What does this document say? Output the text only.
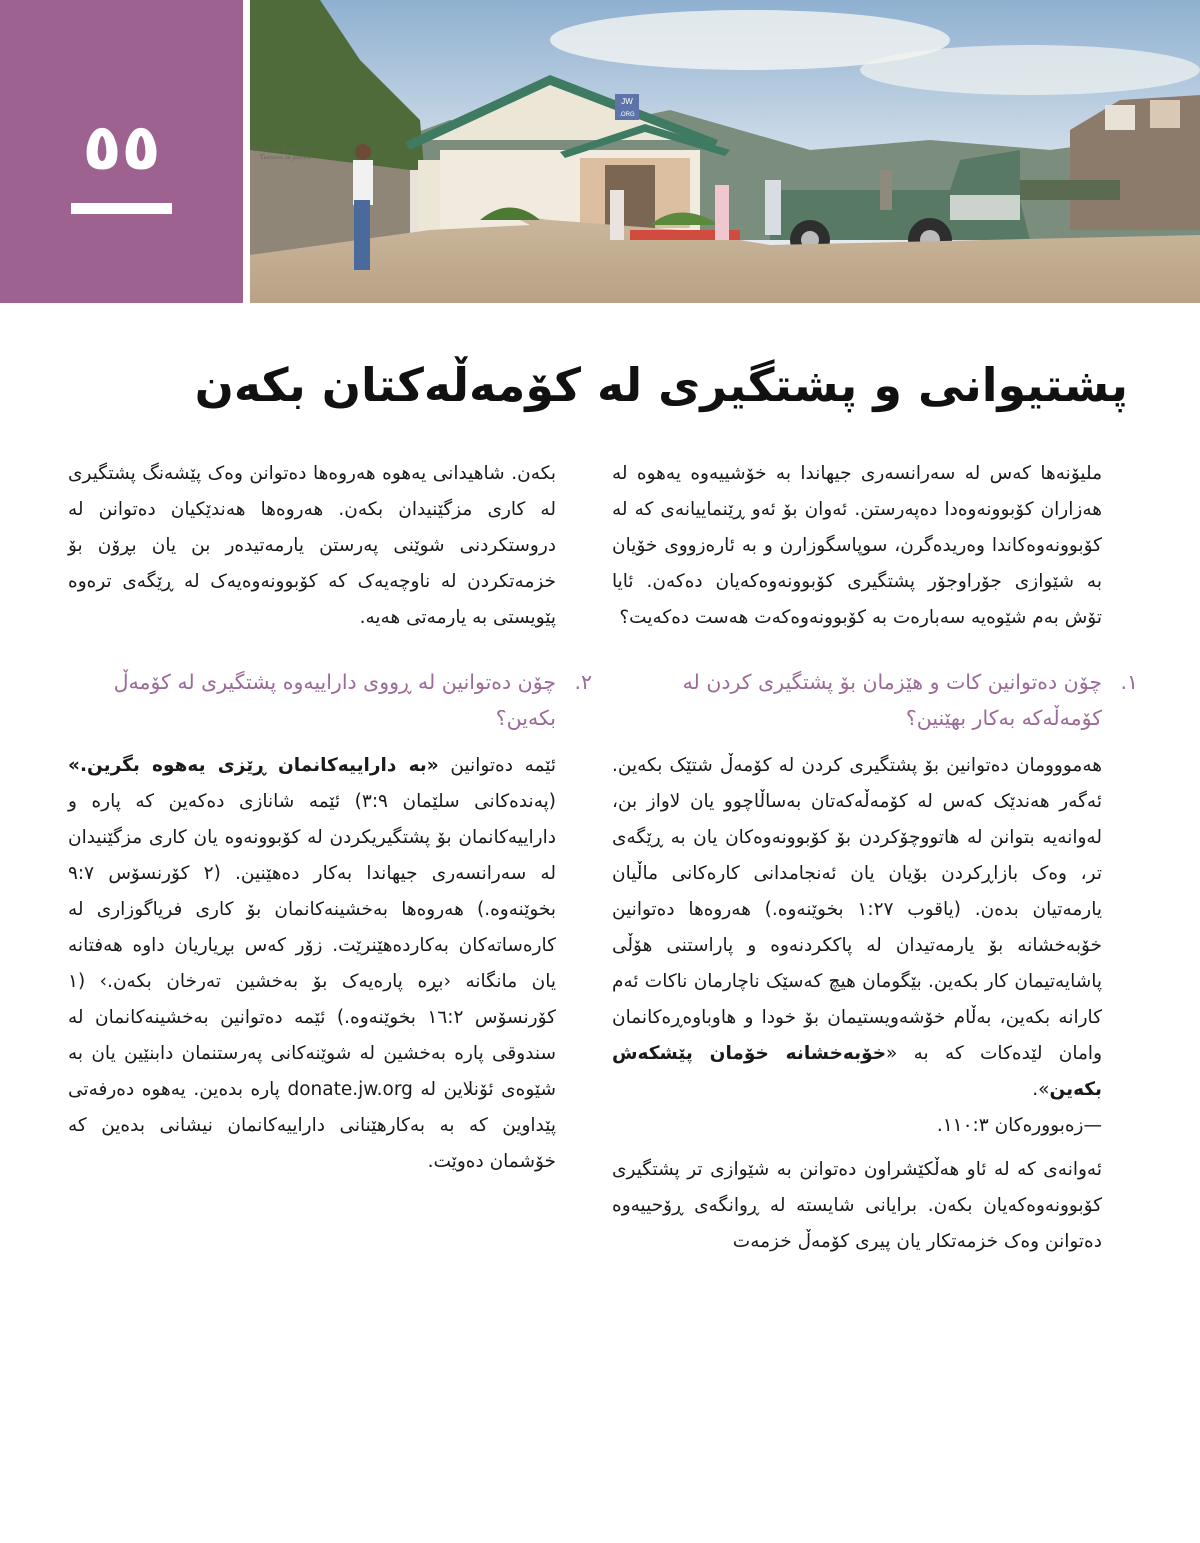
٥٥
JW
.ORG
Salón del Reino de los Testigos de Jehová
پشتیوانی و پشتگیری لە کۆمەڵەکتان بکەن

ملیۆنەها کەس لە سەرانسەری جیهاندا بە خۆشییەوە یەهوە لە هەزاران کۆبوونەوەدا دەپەرستن. ئەوان بۆ ئەو ڕێنماییانەی کە لە کۆبوونەوەکاندا وەریدەگرن، سوپاسگوزارن و بە ئارەزووی خۆیان بە شێوازی جۆراوجۆر پشتگیری کۆبوونەوەکەیان دەکەن. ئایا تۆش بەم شێوەیە سەبارەت بە کۆبوونەوەکەت هەست دەکەیت؟

١.
چۆن دەتوانین کات و هێزمان بۆ پشتگیری کردن لە کۆمەڵەکە بەکار بهێنین؟

هەمووومان دەتوانین بۆ پشتگیری کردن لە کۆمەڵ شتێک بکەین. ئەگەر هەندێک کەس لە کۆمەڵەکەتان بەساڵاچوو یان لاواز بن، لەوانەیە بتوانن لە هاتووچۆکردن بۆ کۆبوونەوەکان یان بە ڕێگەی تر، وەک بازاڕکردن بۆیان یان ئەنجامدانی کارەکانی ماڵیان یارمەتیان بدەن. (یاقوب ١:٢٧ بخوێنەوە.) هەروەها دەتوانین خۆبەخشانە بۆ یارمەتیدان لە پاککردنەوە و پاراستنی هۆڵی پاشایەتیمان کار بکەین. بێگومان هیچ کەسێک ناچارمان ناکات ئەم کارانە بکەین، بەڵام خۆشەویستیمان بۆ خودا و هاوباوەڕەکانمان وامان لێدەکات کە بە «خۆبەخشانە خۆمان پێشکەش بکەین».
—زەبوورەکان ١١٠:٣.

ئەوانەی کە لە ئاو هەڵکێشراون دەتوانن بە شێوازی تر پشتگیری کۆبوونەوەکەیان بکەن. برایانی شایستە لە ڕوانگەی ڕۆحییەوە دەتوانن وەک خزمەتکار یان پیری کۆمەڵ خزمەت

بکەن. شاهیدانی یەهوە هەروەها دەتوانن وەک پێشەنگ پشتگیری لە کاری مزگێنیدان بکەن. هەروەها هەندێکیان دەتوانن لە دروستکردنی شوێنی پەرستن یارمەتیدەر بن یان بڕۆن بۆ خزمەتکردن لە ناوچەیەک کە کۆبوونەوەیەک لە ڕێگەی ترەوە پێویستی بە یارمەتی هەیە.

٢.
چۆن دەتوانین لە ڕووی داراییەوە پشتگیری لە کۆمەڵ بکەین؟

ئێمە دەتوانین «بە داراییەکانمان ڕێزی یەهوە بگرین.» (پەندەکانی سلێمان ٣:٩) ئێمە شانازی دەکەین کە پارە و داراییەکانمان بۆ پشتگیریکردن لە کۆبوونەوە یان کاری مزگێنیدان لە سەرانسەری جیهاندا بەکار دەهێنین. (٢ کۆرنسۆس ٩:٧ بخوێنەوە.) هەروەها بەخشینەکانمان بۆ کاری فریاگوزاری لە کارەساتەکان بەکاردەهێنرێت. زۆر کەس بڕیاریان داوە هەفتانە یان مانگانە ‹بڕە پارەیەک بۆ بەخشین تەرخان بکەن.› (١ کۆرنسۆس ١٦:٢ بخوێنەوە.) ئێمە دەتوانین بەخشینەکانمان لە سندوقی پارە بەخشین لە شوێنەکانی پەرستنمان دابنێین یان بە شێوەی ئۆنلاین لە donate.jw.org پارە بدەین. یەهوە دەرفەتی پێداوین کە بە بەکارهێنانی داراییەکانمان نیشانی بدەین کە خۆشمان دەوێت.
